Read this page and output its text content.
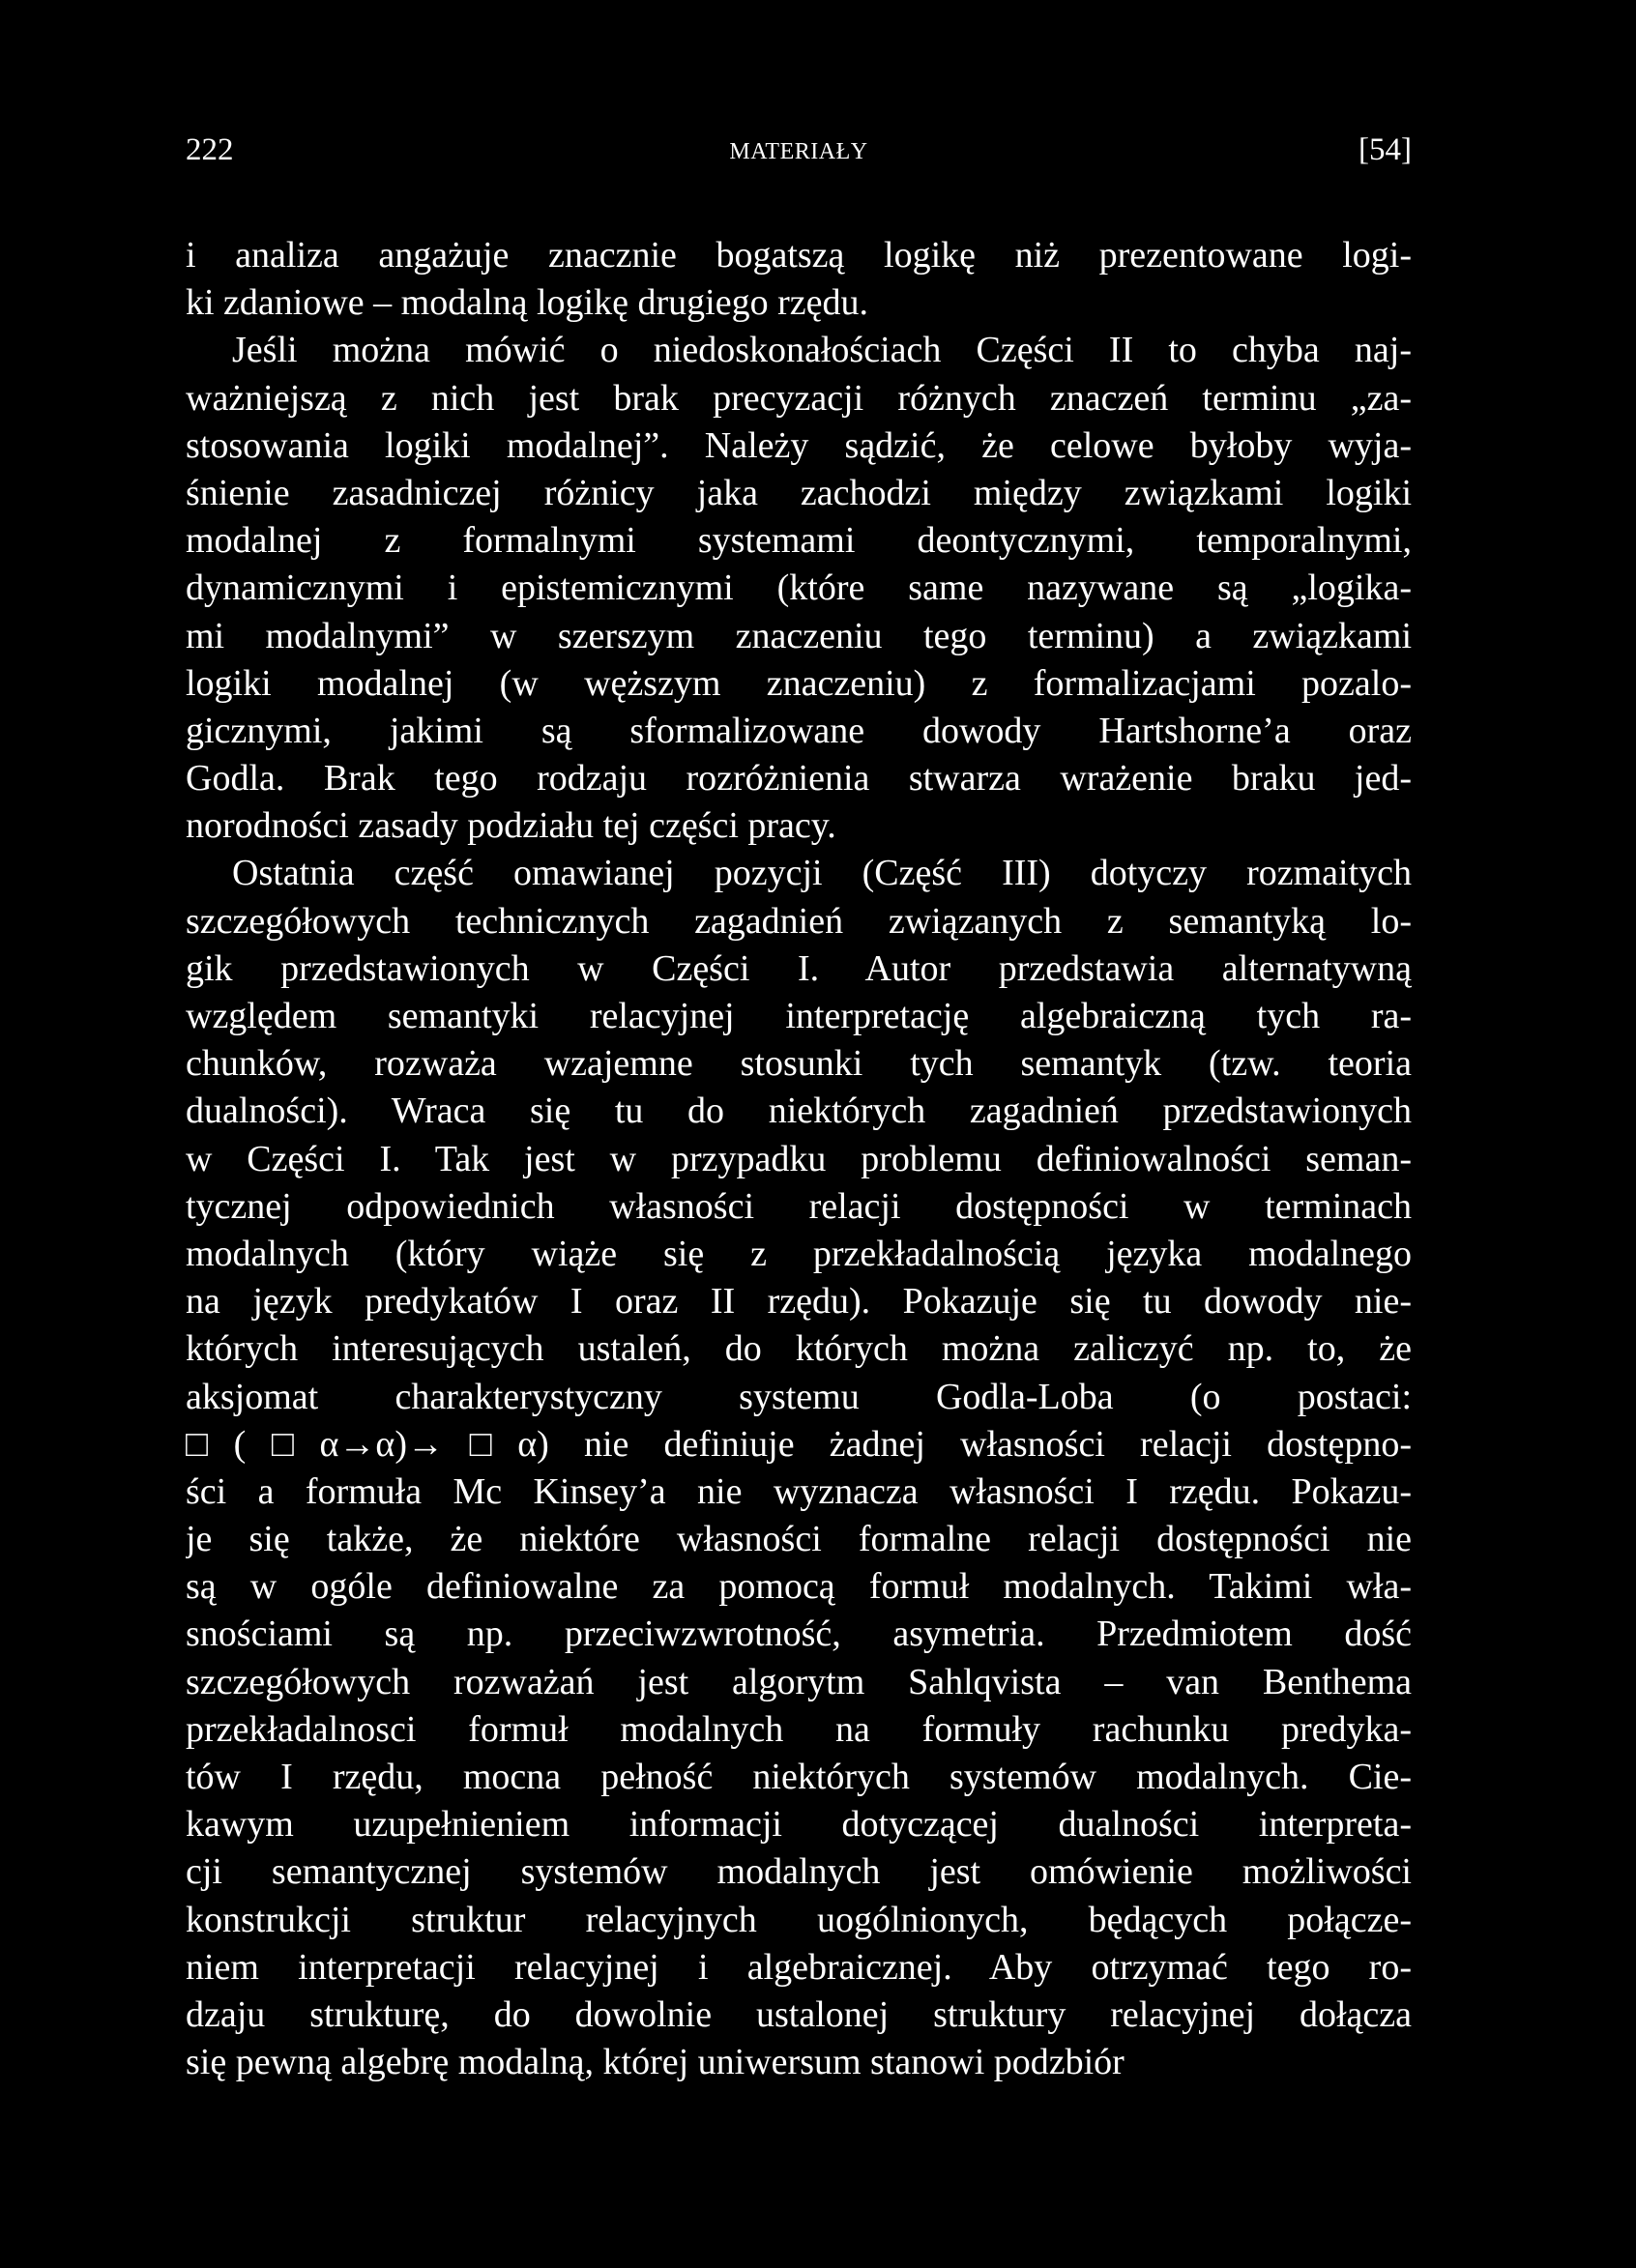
222	MATERIAŁY	[54]
i analiza angażuje znacznie bogatszą logikę niż prezentowane logi-
ki zdaniowe – modalną logikę drugiego rzędu.
Jeśli można mówić o niedoskonałościach Części II to chyba naj-
ważniejszą z nich jest brak precyzacji różnych znaczeń terminu „za-
stosowania logiki modalnej”. Należy sądzić, że celowe byłoby wyja-
śnienie zasadniczej różnicy jaka zachodzi między związkami logiki
modalnej z formalnymi systemami deontycznymi, temporalnymi,
dynamicznymi i epistemicznymi (które same nazywane są „logika-
mi modalnymi” w szerszym znaczeniu tego terminu) a związkami
logiki modalnej (w węższym znaczeniu) z formalizacjami pozalo-
gicznymi, jakimi są sformalizowane dowody Hartshorne’a oraz
Godla. Brak tego rodzaju rozróżnienia stwarza wrażenie braku jed-
norodności zasady podziału tej części pracy.
Ostatnia część omawianej pozycji (Część III) dotyczy rozmaitych
szczegółowych technicznych zagadnień związanych z semantyką lo-
gik przedstawionych w Części I. Autor przedstawia alternatywną
względem semantyki relacyjnej interpretację algebraiczną tych ra-
chunków, rozważa wzajemne stosunki tych semantyk (tzw. teoria
dualności). Wraca się tu do niektórych zagadnień przedstawionych
w Części I. Tak jest w przypadku problemu definiowalności seman-
tycznej odpowiednich własności relacji dostępności w terminach
modalnych (który wiąże się z przekładalnością języka modalnego
na język predykatów I oraz II rzędu). Pokazuje się tu dowody nie-
których interesujących ustaleń, do których można zaliczyć np. to, że
aksjomat charakterystyczny systemu Godla-Loba (o postaci:
□(□α→α)→□α) nie definiuje żadnej własności relacji dostępno-
ści a formuła Mc Kinsey’a nie wyznacza własności I rzędu. Pokazu-
je się także, że niektóre własności formalne relacji dostępności nie
są w ogóle definiowalne za pomocą formuł modalnych. Takimi wła-
snościami są np. przeciwzwrotność, asymetria. Przedmiotem dość
szczegółowych rozważań jest algorytm Sahlqvista – van Benthema
przekładalnosci formuł modalnych na formuły rachunku predyka-
tów I rzędu, mocna pełność niektórych systemów modalnych. Cie-
kawym uzupełnieniem informacji dotyczącej dualności interpreta-
cji semantycznej systemów modalnych jest omówienie możliwości
konstrukcji struktur relacyjnych uogólnionych, będących połącze-
niem interpretacji relacyjnej i algebraicznej. Aby otrzymać tego ro-
dzaju strukturę, do dowolnie ustalonej struktury relacyjnej dołącza
się pewną algebrę modalną, której uniwersum stanowi podzbiór
